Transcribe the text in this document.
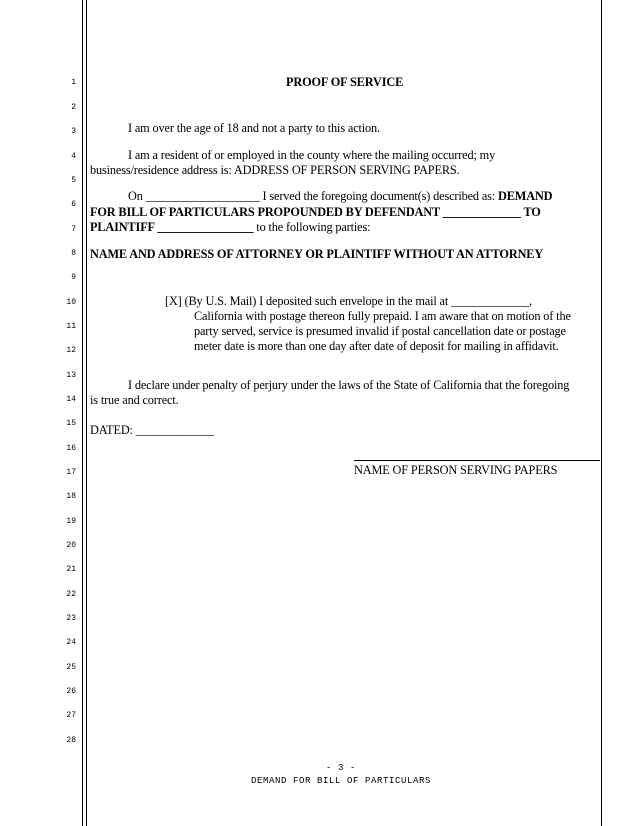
1
2
3
4
5
6
7
8
9
10
11
12
13
14
15
16
17
18
19
20
21
22
23
24
25
26
27
28
PROOF OF SERVICE
I am over the age of 18 and not a party to this action.
I am a resident of or employed in the county where the mailing occurred; my
business/residence address is: ADDRESS OF PERSON SERVING PAPERS.
On ___________________ I served the foregoing document(s) described as: DEMAND
FOR BILL OF PARTICULARS PROPOUNDED BY DEFENDANT _____________ TO
PLAINTIFF ________________ to the following parties:
NAME AND ADDRESS OF ATTORNEY OR PLAINTIFF WITHOUT AN ATTORNEY
[X] (By U.S. Mail) I deposited such envelope in the mail at _____________,
California with postage thereon fully prepaid. I am aware that on motion of the
party served, service is presumed invalid if postal cancellation date or postage
meter date is more than one day after date of deposit for mailing in affidavit.
I declare under penalty of perjury under the laws of the State of California that the foregoing
is true and correct.
DATED: _____________
NAME OF PERSON SERVING PAPERS
- 3 -
DEMAND FOR BILL OF PARTICULARS
